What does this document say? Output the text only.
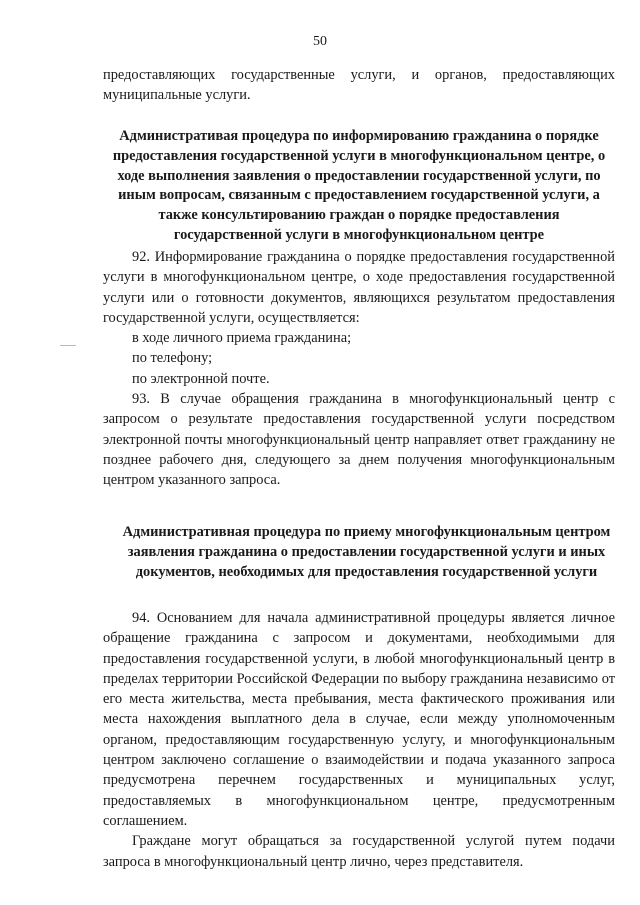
50

предоставляющих государственные услуги, и органов, предоставляющих муниципальные услуги.

Административая процедура по информированию гражданина о порядке предоставления государственной услуги в многофункциональном центре, о ходе выполнения заявления о предоставлении государственной услуги, по иным вопросам, связанным с предоставлением государственной услуги, а также консультированию граждан о порядке предоставления государственной услуги в многофункциональном центре

92. Информирование гражданина о порядке предоставления государственной услуги в многофункциональном центре, о ходе предоставления государственной услуги или о готовности документов, являющихся результатом предоставления государственной услуги, осуществляется:

в ходе личного приема гражданина;

по телефону;

по электронной почте.

93. В случае обращения гражданина в многофункциональный центр с запросом о результате предоставления государственной услуги посредством электронной почты многофункциональный центр направляет ответ гражданину не позднее рабочего дня, следующего за днем получения многофункциональным центром указанного запроса.

Административная процедура по приему многофункциональным центром заявления гражданина о предоставлении государственной услуги и иных документов, необходимых для предоставления государственной услуги

94. Основанием для начала административной процедуры является личное обращение гражданина с запросом и документами, необходимыми для предоставления государственной услуги, в любой многофункциональный центр в пределах территории Российской Федерации по выбору гражданина независимо от его места жительства, места пребывания, места фактического проживания или места нахождения выплатного дела в случае, если между уполномоченным органом, предоставляющим государственную услугу, и многофункциональным центром заключено соглашение о взаимодействии и подача указанного запроса предусмотрена перечнем государственных и муниципальных услуг, предоставляемых в многофункциональном центре, предусмотренным соглашением.

Граждане могут обращаться за государственной услугой путем подачи запроса в многофункциональный центр лично, через представителя.
